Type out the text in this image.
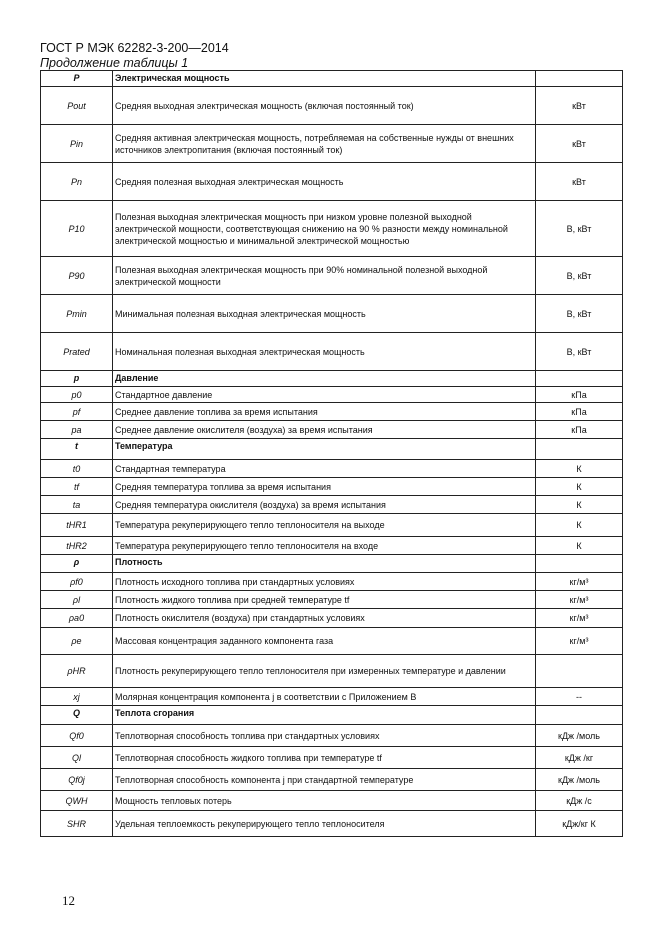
ГОСТ Р МЭК 62282-3-200—2014
Продолжение таблицы 1
P	Электрическая мощность	
Pout	Средняя выходная электрическая мощность (включая постоянный ток)	кВт
Pin	Средняя активная электрическая мощность, потребляемая на собственные нужды от внешних источников электропитания (включая постоянный ток)	кВт
Pn	Средняя полезная выходная электрическая мощность	кВт
P10	Полезная выходная электрическая мощность при низком уровне полезной выходной электрической мощности, соответствующая снижению на 90 % разности между номинальной электрической мощностью и минимальной электрической мощностью	В, кВт
P90	Полезная выходная электрическая мощность при 90% номинальной полезной выходной электрической мощности	В, кВт
Pmin	Минимальная полезная выходная электрическая мощность	В, кВт
Prated	Номинальная полезная выходная электрическая мощность	В, кВт
p	Давление	
p0	Стандартное давление	кПа
pf	Среднее давление топлива за время испытания	кПа
pa	Среднее давление окислителя (воздуха) за время испытания	кПа
t	Температура	
t0	Стандартная температура	К
tf	Средняя температура топлива за время испытания	К
ta	Средняя температура окислителя (воздуха) за время испытания	К
tHR1	Температура рекуперирующего тепло теплоносителя на выходе	К
tHR2	Температура рекуперирующего тепло теплоносителя на входе	К
ρ	Плотность	
ρf0	Плотность исходного топлива при стандартных условиях	кг/м³
ρl	Плотность жидкого топлива при средней температуре tf	кг/м³
ρa0	Плотность окислителя (воздуха) при стандартных условиях	кг/м³
ρe	Массовая концентрация заданного компонента газа	кг/м³
ρHR	Плотность рекуперирующего тепло теплоносителя при измеренных температуре и давлении	
xj	Молярная концентрация компонента j в соответствии с Приложением В	--
Q	Теплота сгорания	
Qf0	Теплотворная способность топлива при стандартных условиях	кДж /моль
Ql	Теплотворная способность жидкого топлива при температуре tf	кДж /кг
Qf0j	Теплотворная способность компонента j при стандартной температуре	кДж /моль
QWH	Мощность тепловых потерь	кДж /с
SHR	Удельная теплоемкость рекуперирующего тепло теплоносителя	кДж/кг К
12
